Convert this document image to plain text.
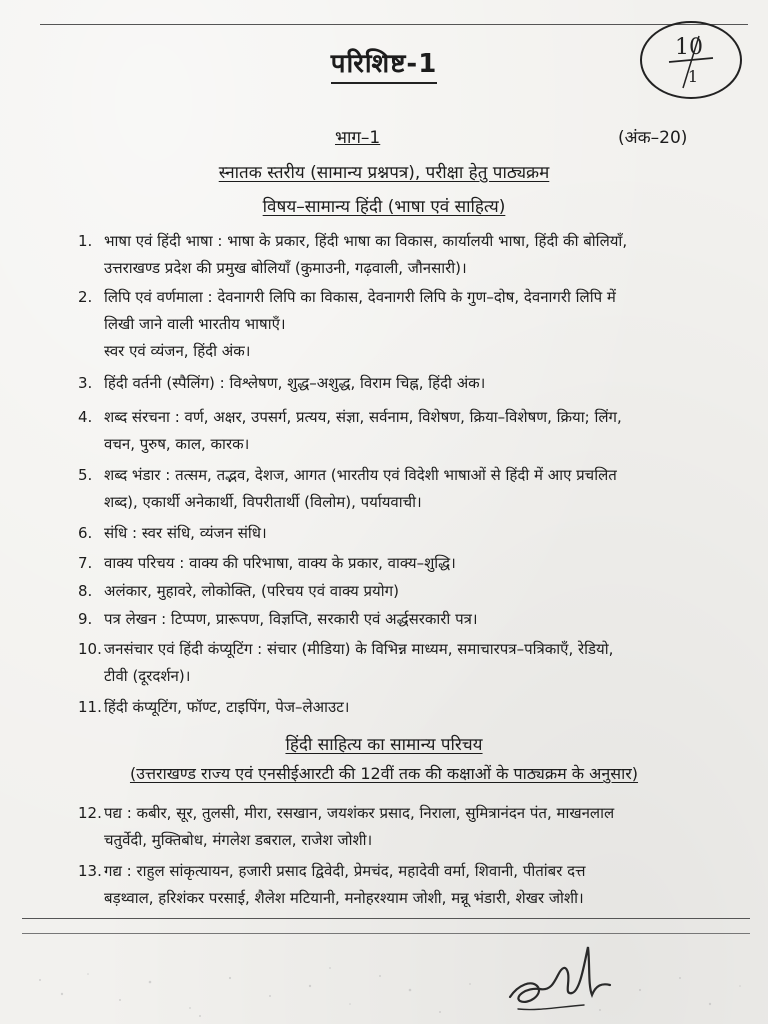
10
1
परिशिष्ट-1
भाग–1	(अंक–20)
स्नातक स्तरीय (सामान्य प्रश्नपत्र), परीक्षा हेतु पाठ्यक्रम
विषय–सामान्य हिंदी (भाषा एवं साहित्य)
1. भाषा एवं हिंदी भाषा : भाषा के प्रकार, हिंदी भाषा का विकास, कार्यालयी भाषा, हिंदी की बोलियाँ,
उत्तराखण्ड प्रदेश की प्रमुख बोलियाँ (कुमाउनी, गढ़वाली, जौनसारी)।
2. लिपि एवं वर्णमाला : देवनागरी लिपि का विकास, देवनागरी लिपि के गुण–दोष, देवनागरी लिपि में
लिखी जाने वाली भारतीय भाषाएँ।
स्वर एवं व्यंजन, हिंदी अंक।
3. हिंदी वर्तनी (स्पैलिंग) : विश्लेषण, शुद्ध–अशुद्ध, विराम चिह्न, हिंदी अंक।
4. शब्द संरचना : वर्ण, अक्षर, उपसर्ग, प्रत्यय, संज्ञा, सर्वनाम, विशेषण, क्रिया–विशेषण, क्रिया; लिंग,
वचन, पुरुष, काल, कारक।
5. शब्द भंडार : तत्सम, तद्भव, देशज, आगत (भारतीय एवं विदेशी भाषाओं से हिंदी में आए प्रचलित
शब्द), एकार्थी अनेकार्थी, विपरीतार्थी (विलोम), पर्यायवाची।
6. संधि : स्वर संधि, व्यंजन संधि।
7. वाक्य परिचय : वाक्य की परिभाषा, वाक्य के प्रकार, वाक्य–शुद्धि।
8. अलंकार, मुहावरे, लोकोक्ति, (परिचय एवं वाक्य प्रयोग)
9. पत्र लेखन : टिप्पण, प्रारूपण, विज्ञप्ति, सरकारी एवं अर्द्धसरकारी पत्र।
10. जनसंचार एवं हिंदी कंप्यूटिंग : संचार (मीडिया) के विभिन्न माध्यम, समाचारपत्र–पत्रिकाएँ, रेडियो,
टीवी (दूरदर्शन)।
11. हिंदी कंप्यूटिंग, फॉण्ट, टाइपिंग, पेज–लेआउट।
हिंदी साहित्य का सामान्य परिचय
(उत्तराखण्ड राज्य एवं एनसीईआरटी की 12वीं तक की कक्षाओं के पाठ्यक्रम के अनुसार)
12. पद्य : कबीर, सूर, तुलसी, मीरा, रसखान, जयशंकर प्रसाद, निराला, सुमित्रानंदन पंत, माखनलाल
चतुर्वेदी, मुक्तिबोध, मंगलेश डबराल, राजेश जोशी।
13. गद्य : राहुल सांकृत्यायन, हजारी प्रसाद द्विवेदी, प्रेमचंद, महादेवी वर्मा, शिवानी, पीतांबर दत्त
बड़थ्वाल, हरिशंकर परसाई, शैलेश मटियानी, मनोहरश्याम जोशी, मन्नू भंडारी, शेखर जोशी।
